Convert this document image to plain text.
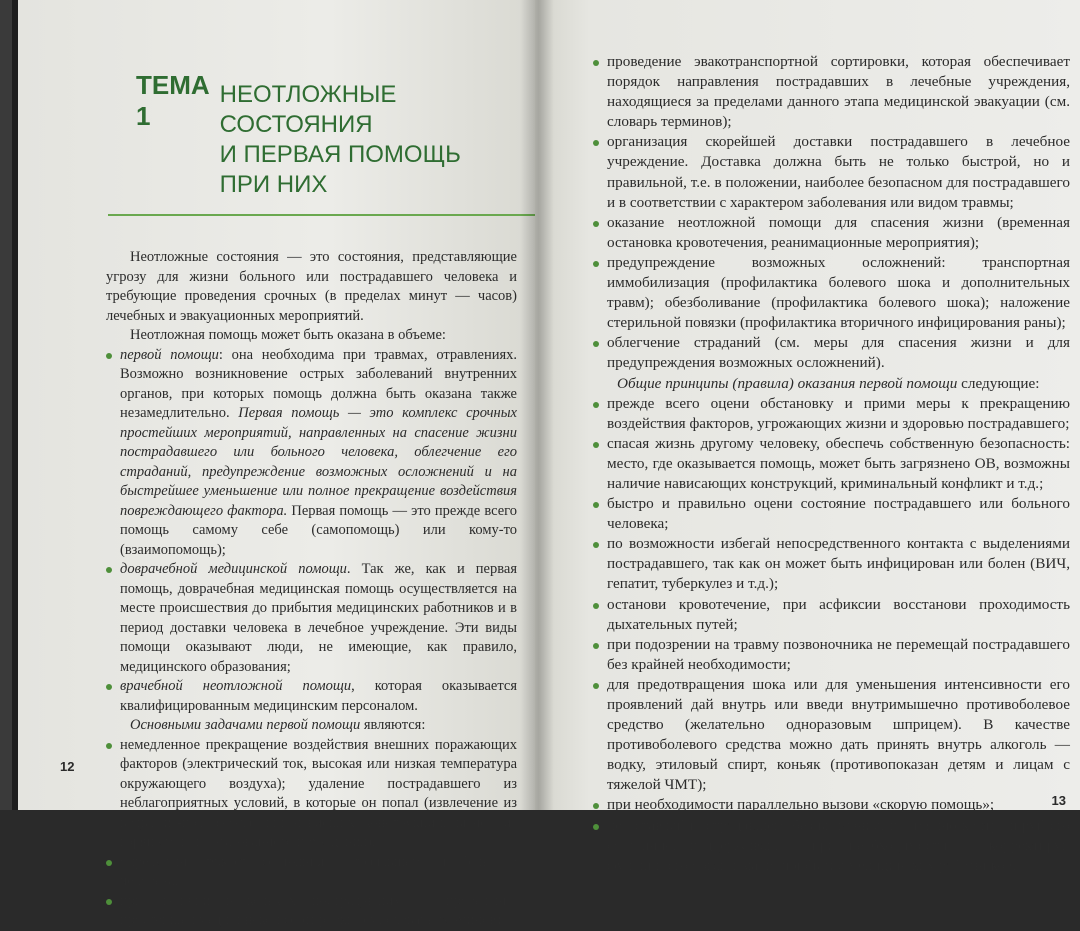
ТЕМА 1
НЕОТЛОЖНЫЕ СОСТОЯНИЯ
И ПЕРВАЯ ПОМОЩЬ ПРИ НИХ

Неотложные состояния — это состояния, представляющие угрозу для жизни больного или пострадавшего человека и требующие проведения срочных (в пределах минут — часов) лечебных и эвакуационных мероприятий.

Неотложная помощь может быть оказана в объеме:

первой помощи: она необходима при травмах, отравлениях. Возможно возникновение острых заболеваний внутренних органов, при которых помощь должна быть оказана также незамедлительно. Первая помощь — это комплекс срочных простейших мероприятий, направленных на спасение жизни пострадавшего или больного человека, облегчение его страданий, предупреждение возможных осложнений и на быстрейшее уменьшение или полное прекращение воздействия повреждающего фактора. Первая помощь — это прежде всего помощь самому себе (самопомощь) или кому-то (взаимопомощь);
доврачебной медицинской помощи. Так же, как и первая помощь, доврачебная медицинская помощь осуществляется на месте происшествия до прибытия медицинских работников и в период доставки человека в лечебное учреждение. Эти виды помощи оказывают люди, не имеющие, как правило, медицинского образования;
врачебной неотложной помощи, которая оказывается квалифицированным медицинским персоналом.

Основными задачами первой помощи являются:

немедленное прекращение воздействия внешних поражающих факторов (электрический ток, высокая или низкая температура окружающего воздуха); удаление пострадавшего из неблагоприятных условий, в которые он попал (извлечение из воды, из-под завала или нависших конструкций, вынос из горящего или загазованного помещения);
определение тяжести состояния пострадавшего или больного человека;
при наличии нескольких пострадавших — проведение простейшей медицинской сортировки (см. словарь терминов);
12
проведение эвакотранспортной сортировки, которая обеспечивает порядок направления пострадавших в лечебные учреждения, находящиеся за пределами данного этапа медицинской эвакуации (см. словарь терминов);
организация скорейшей доставки пострадавшего в лечебное учреждение. Доставка должна быть не только быстрой, но и правильной, т.е. в положении, наиболее безопасном для пострадавшего и в соответствии с характером заболевания или видом травмы;
оказание неотложной помощи для спасения жизни (временная остановка кровотечения, реанимационные мероприятия);
предупреждение возможных осложнений: транспортная иммобилизация (профилактика болевого шока и дополнительных травм); обезболивание (профилактика болевого шока); наложение стерильной повязки (профилактика вторичного инфицирования раны);
облегчение страданий (см. меры для спасения жизни и для предупреждения возможных осложнений).

Общие принципы (правила) оказания первой помощи следующие:

прежде всего оцени обстановку и прими меры к прекращению воздействия факторов, угрожающих жизни и здоровью пострадавшего;
спасая жизнь другому человеку, обеспечь собственную безопасность: место, где оказывается помощь, может быть загрязнено ОВ, возможны наличие нависающих конструкций, криминальный конфликт и т.д.;
быстро и правильно оцени состояние пострадавшего или больного человека;
по возможности избегай непосредственного контакта с выделениями пострадавшего, так как он может быть инфицирован или болен (ВИЧ, гепатит, туберкулез и т.д.);
останови кровотечение, при асфиксии восстанови проходимость дыхательных путей;
при подозрении на травму позвоночника не перемещай пострадавшего без крайней необходимости;
для предотвращения шока или для уменьшения интенсивности его проявлений дай внутрь или введи внутримышечно противоболевое средство (желательно одноразовым шприцем). В качестве противоболевого средства можно дать принять внутрь алкоголь — водку, этиловый спирт, коньяк (противопоказан детям и лицам с тяжелой ЧМТ);
при необходимости параллельно вызови «скорую помощь»;
не оставляй пострадавшего без внимания, постоянно контролируй его состояние; поддерживай, а при необходимости — корректируй функции его организма до прибытия медицинских работников;
13
